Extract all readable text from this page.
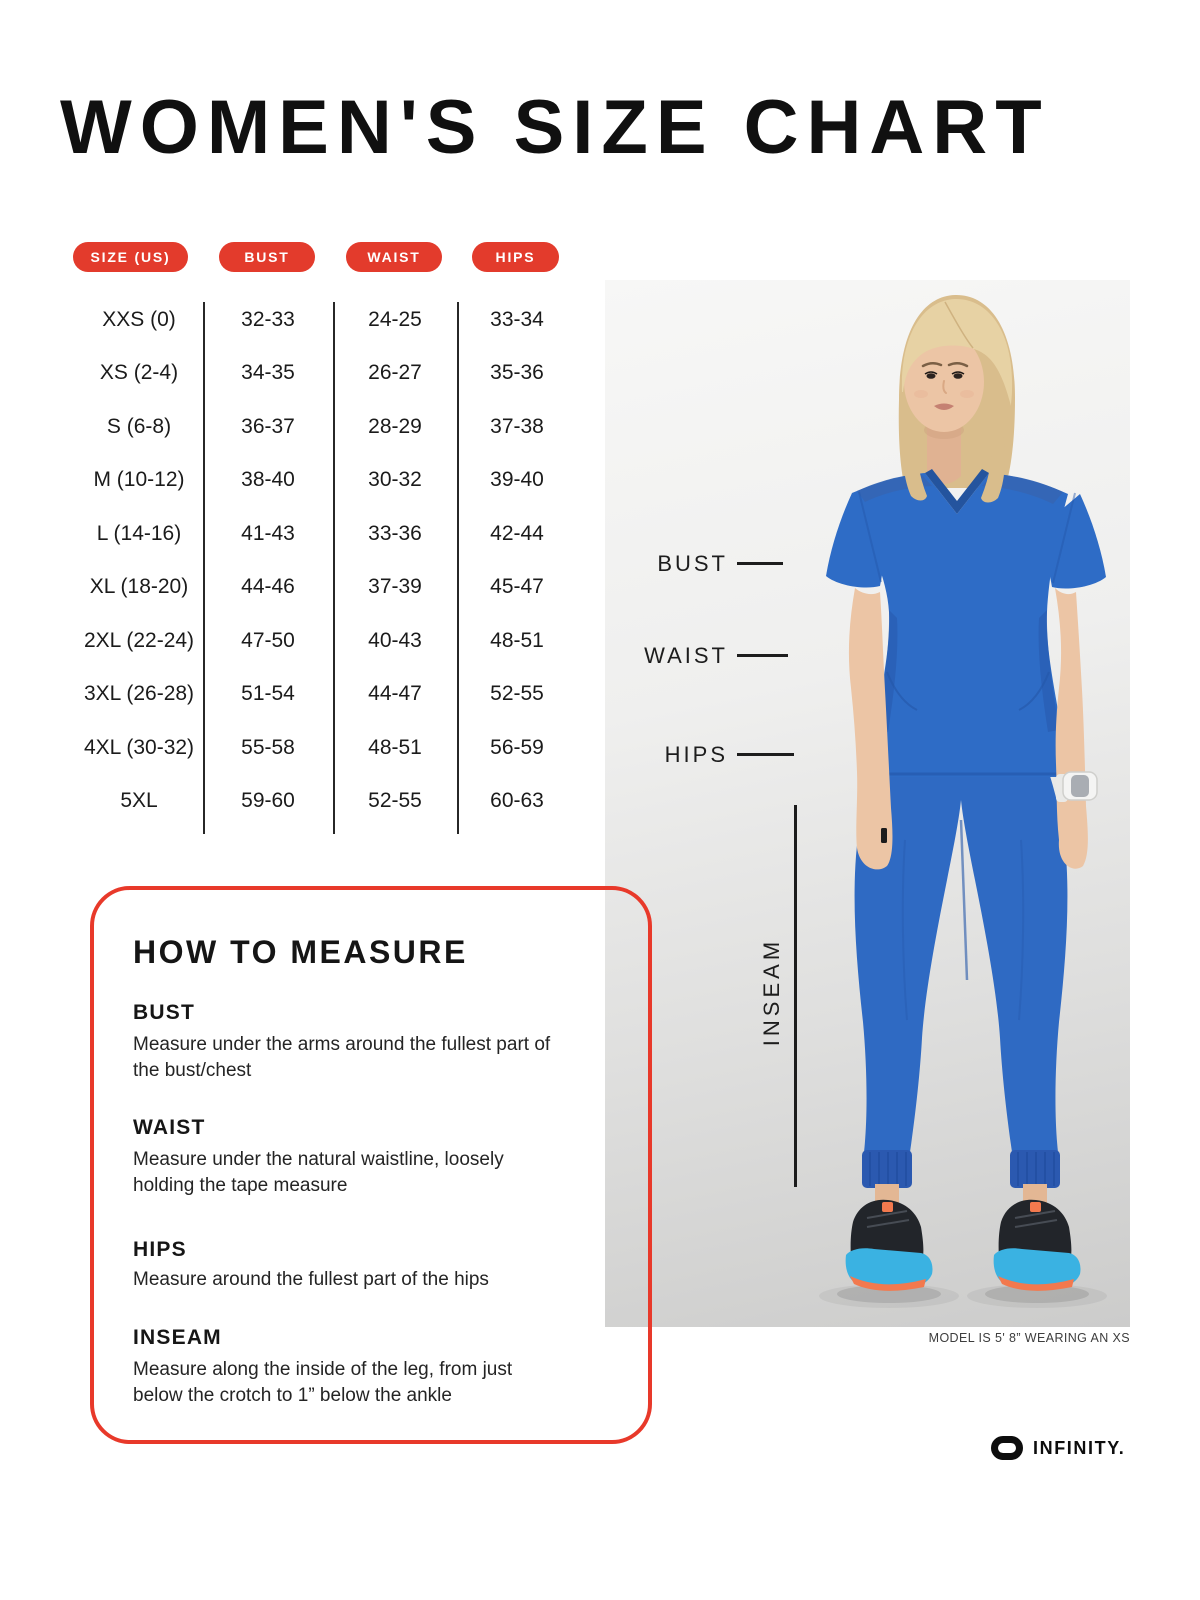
WOMEN'S SIZE CHART
SIZE (US)	BUST	WAIST	HIPS
XXS (0)	32-33	24-25	33-34
XS (2-4)	34-35	26-27	35-36
S (6-8)	36-37	28-29	37-38
M (10-12)	38-40	30-32	39-40
L (14-16)	41-43	33-36	42-44
XL (18-20)	44-46	37-39	45-47
2XL (22-24)	47-50	40-43	48-51
3XL (26-28)	51-54	44-47	52-55
4XL (30-32)	55-58	48-51	56-59
5XL	59-60	52-55	60-63
BUST
WAIST
HIPS
INSEAM
MODEL IS 5' 8” WEARING AN XS
HOW TO MEASURE
BUST
Measure under the arms around the fullest part of the bust/chest
WAIST
Measure under the natural waistline, loosely holding the tape measure
HIPS
Measure around the fullest part of the hips
INSEAM
Measure along the inside of the leg, from just below the crotch to 1” below the ankle
INFINITY.
